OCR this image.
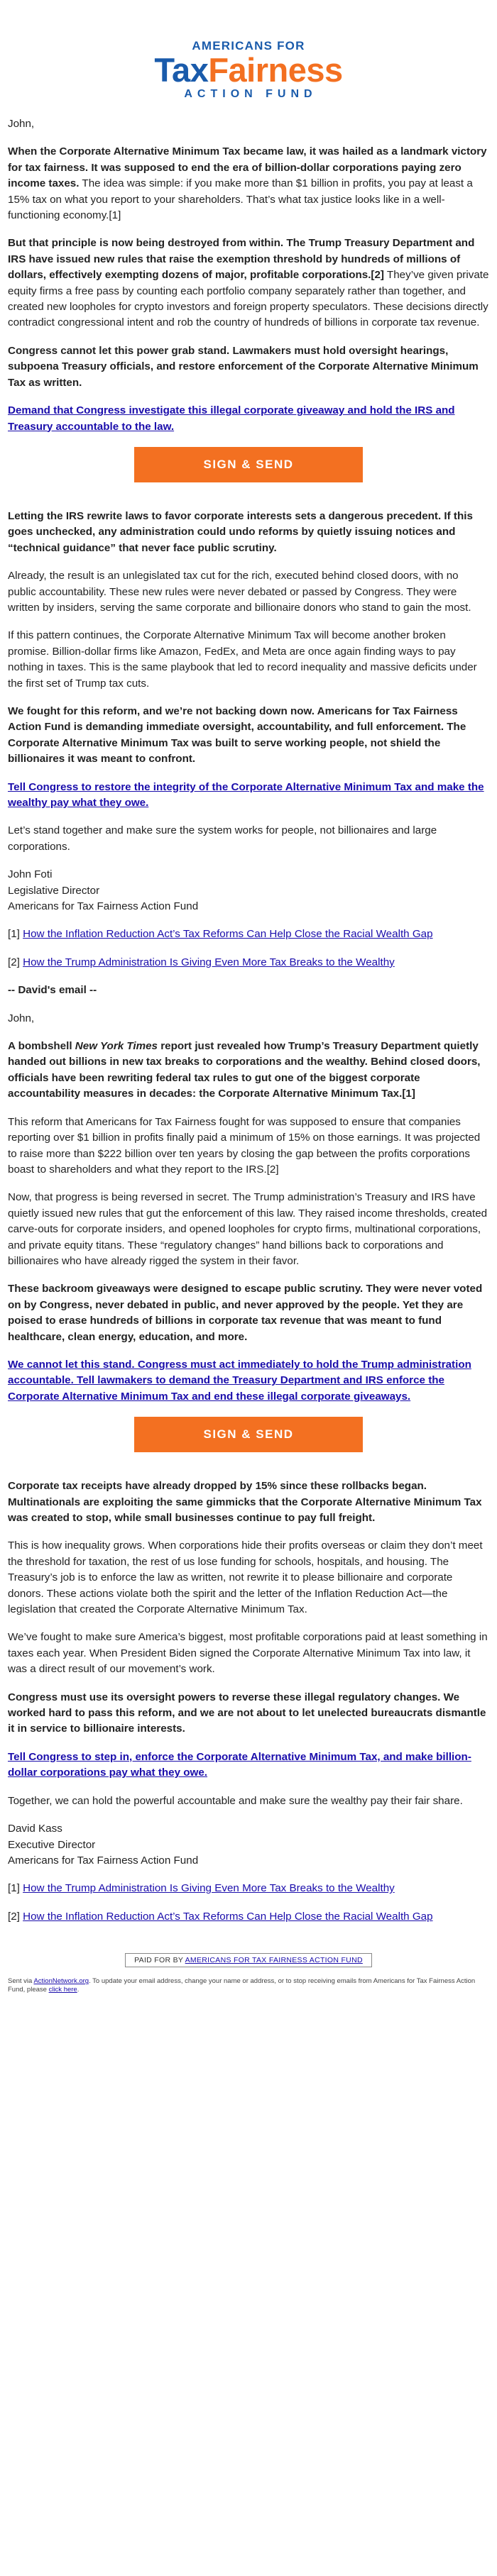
AMERICANS FOR
TaxFairness
ACTION FUND

John,

When the Corporate Alternative Minimum Tax became law, it was hailed as a landmark victory for tax fairness. It was supposed to end the era of billion-dollar corporations paying zero income taxes. The idea was simple: if you make more than $1 billion in profits, you pay at least a 15% tax on what you report to your shareholders. That’s what tax justice looks like in a well-functioning economy.[1]

But that principle is now being destroyed from within. The Trump Treasury Department and IRS have issued new rules that raise the exemption threshold by hundreds of millions of dollars, effectively exempting dozens of major, profitable corporations.[2] They’ve given private equity firms a free pass by counting each portfolio company separately rather than together, and created new loopholes for crypto investors and foreign property speculators. These decisions directly contradict congressional intent and rob the country of hundreds of billions in corporate tax revenue.

Congress cannot let this power grab stand. Lawmakers must hold oversight hearings, subpoena Treasury officials, and restore enforcement of the Corporate Alternative Minimum Tax as written.

Demand that Congress investigate this illegal corporate giveaway and hold the IRS and Treasury accountable to the law.

SIGN & SEND

Letting the IRS rewrite laws to favor corporate interests sets a dangerous precedent. If this goes unchecked, any administration could undo reforms by quietly issuing notices and “technical guidance” that never face public scrutiny.

Already, the result is an unlegislated tax cut for the rich, executed behind closed doors, with no public accountability. These new rules were never debated or passed by Congress. They were written by insiders, serving the same corporate and billionaire donors who stand to gain the most.

If this pattern continues, the Corporate Alternative Minimum Tax will become another broken promise. Billion-dollar firms like Amazon, FedEx, and Meta are once again finding ways to pay nothing in taxes. This is the same playbook that led to record inequality and massive deficits under the first set of Trump tax cuts.

We fought for this reform, and we’re not backing down now. Americans for Tax Fairness Action Fund is demanding immediate oversight, accountability, and full enforcement. The Corporate Alternative Minimum Tax was built to serve working people, not shield the billionaires it was meant to confront.

Tell Congress to restore the integrity of the Corporate Alternative Minimum Tax and make the wealthy pay what they owe.

Let’s stand together and make sure the system works for people, not billionaires and large corporations.

John Foti
Legislative Director
Americans for Tax Fairness Action Fund

[1] How the Inflation Reduction Act’s Tax Reforms Can Help Close the Racial Wealth Gap

[2] How the Trump Administration Is Giving Even More Tax Breaks to the Wealthy

-- David's email --

John,

A bombshell New York Times report just revealed how Trump’s Treasury Department quietly handed out billions in new tax breaks to corporations and the wealthy. Behind closed doors, officials have been rewriting federal tax rules to gut one of the biggest corporate accountability measures in decades: the Corporate Alternative Minimum Tax.[1]

This reform that Americans for Tax Fairness fought for was supposed to ensure that companies reporting over $1 billion in profits finally paid a minimum of 15% on those earnings. It was projected to raise more than $222 billion over ten years by closing the gap between the profits corporations boast to shareholders and what they report to the IRS.[2]

Now, that progress is being reversed in secret. The Trump administration’s Treasury and IRS have quietly issued new rules that gut the enforcement of this law. They raised income thresholds, created carve-outs for corporate insiders, and opened loopholes for crypto firms, multinational corporations, and private equity titans. These “regulatory changes” hand billions back to corporations and billionaires who have already rigged the system in their favor.

These backroom giveaways were designed to escape public scrutiny. They were never voted on by Congress, never debated in public, and never approved by the people. Yet they are poised to erase hundreds of billions in corporate tax revenue that was meant to fund healthcare, clean energy, education, and more.

We cannot let this stand. Congress must act immediately to hold the Trump administration accountable. Tell lawmakers to demand the Treasury Department and IRS enforce the Corporate Alternative Minimum Tax and end these illegal corporate giveaways.

SIGN & SEND

Corporate tax receipts have already dropped by 15% since these rollbacks began. Multinationals are exploiting the same gimmicks that the Corporate Alternative Minimum Tax was created to stop, while small businesses continue to pay full freight.

This is how inequality grows. When corporations hide their profits overseas or claim they don’t meet the threshold for taxation, the rest of us lose funding for schools, hospitals, and housing. The Treasury’s job is to enforce the law as written, not rewrite it to please billionaire and corporate donors. These actions violate both the spirit and the letter of the Inflation Reduction Act—the legislation that created the Corporate Alternative Minimum Tax.

We’ve fought to make sure America’s biggest, most profitable corporations paid at least something in taxes each year. When President Biden signed the Corporate Alternative Minimum Tax into law, it was a direct result of our movement’s work.

Congress must use its oversight powers to reverse these illegal regulatory changes. We worked hard to pass this reform, and we are not about to let unelected bureaucrats dismantle it in service to billionaire interests.

Tell Congress to step in, enforce the Corporate Alternative Minimum Tax, and make billion-dollar corporations pay what they owe.

Together, we can hold the powerful accountable and make sure the wealthy pay their fair share.

David Kass
Executive Director
Americans for Tax Fairness Action Fund

[1] How the Trump Administration Is Giving Even More Tax Breaks to the Wealthy

[2] How the Inflation Reduction Act’s Tax Reforms Can Help Close the Racial Wealth Gap

PAID FOR BY AMERICANS FOR TAX FAIRNESS ACTION FUND
Sent via ActionNetwork.org. To update your email address, change your name or address, or to stop receiving emails from Americans for Tax Fairness Action Fund, please click here.
